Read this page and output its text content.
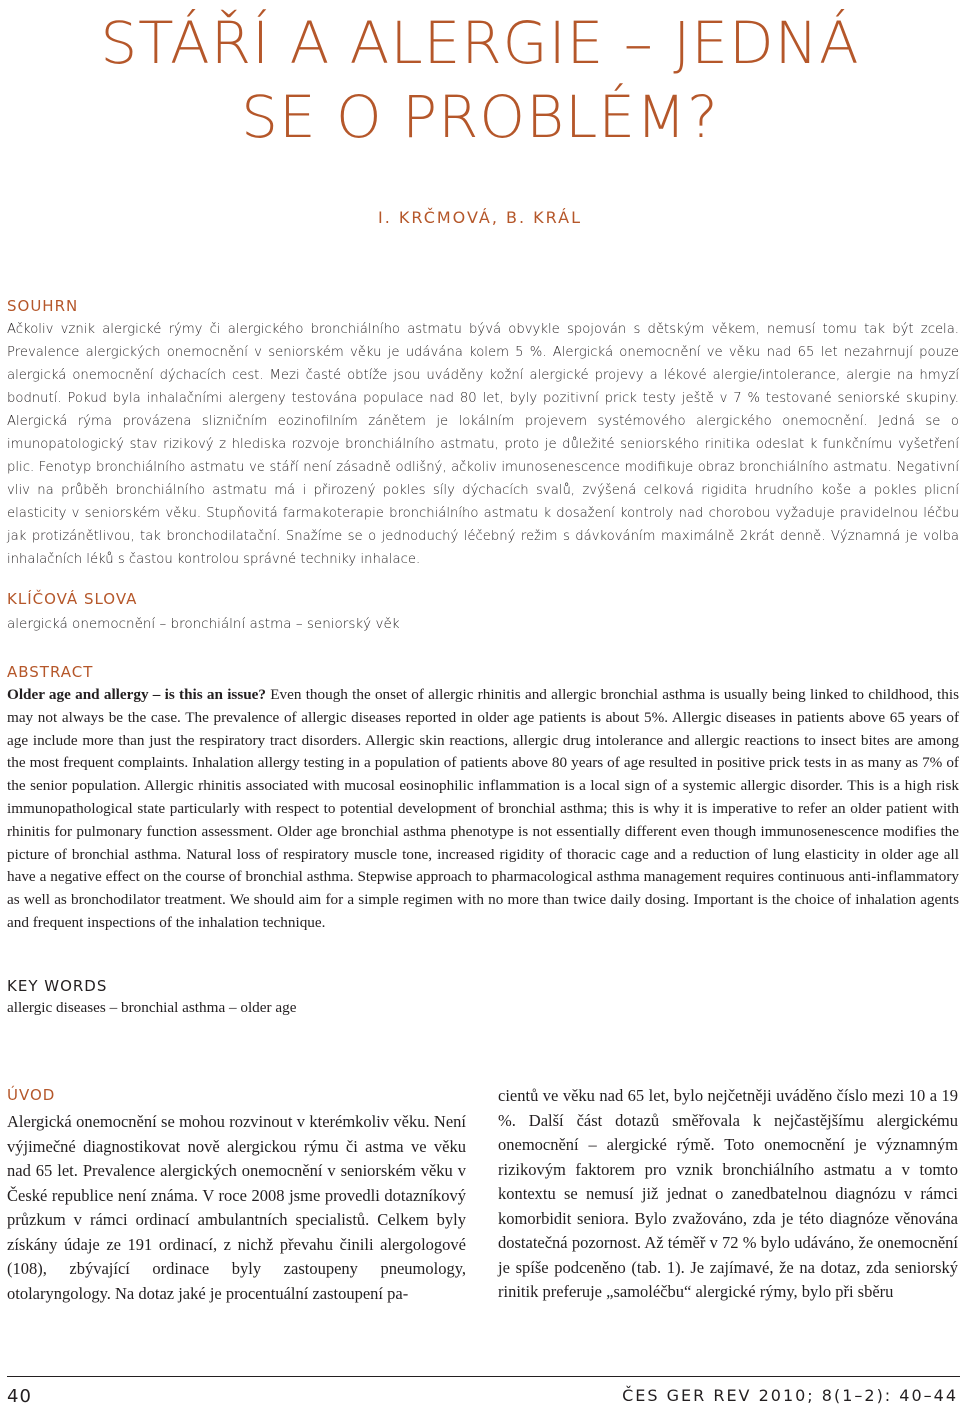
STÁŘÍ A ALERGIE – JEDNÁ
SE O PROBLÉM?
I. KRČMOVÁ, B. KRÁL
SOUHRN

Ačkoliv vznik alergické rýmy či alergického bronchiálního astmatu bývá obvykle spojován s dětským věkem, nemusí tomu tak být zcela. Prevalence alergických onemocnění v seniorském věku je udávána kolem 5 %. Alergická onemocnění ve věku nad 65 let nezahrnují pouze alergická onemocnění dýchacích cest. Mezi časté obtíže jsou uváděny kožní alergické projevy a lékové alergie/intolerance, alergie na hmyzí bodnutí. Pokud byla inhalačními alergeny testována populace nad 80 let, byly pozitivní prick testy ještě v 7 % testované seniorské skupiny. Alergická rýma provázena slizničním eozinofilním zánětem je lokálním projevem systémového alergického onemocnění. Jedná se o imunopatologický stav rizikový z hlediska rozvoje bronchiálního astmatu, proto je důležité seniorského rinitika odeslat k funkčnímu vyšetření plic. Fenotyp bronchiálního astmatu ve stáří není zásadně odlišný, ačkoliv imunosenescence modifikuje obraz bronchiálního astmatu. Negativní vliv na průběh bronchiálního astmatu má i přirozený pokles síly dýchacích svalů, zvýšená celková rigidita hrudního koše a pokles plicní elasticity v seniorském věku. Stupňovitá farmakoterapie bronchiálního astmatu k dosažení kontroly nad chorobou vyžaduje pravidelnou léčbu jak protizánětlivou, tak bronchodilatační. Snažíme se o jednoduchý léčebný režim s dávkováním maximálně 2krát denně. Významná je volba inhalačních léků s častou kontrolou správné techniky inhalace.

KLÍČOVÁ SLOVA
alergická onemocnění – bronchiální astma – seniorský věk
ABSTRACT

Older age and allergy – is this an issue? Even though the onset of allergic rhinitis and allergic bronchial asthma is usually being linked to childhood, this may not always be the case. The prevalence of allergic diseases reported in older age patients is about 5%. Allergic diseases in patients above 65 years of age include more than just the respiratory tract disorders. Allergic skin reactions, allergic drug intolerance and allergic reactions to insect bites are among the most frequent complaints. Inhalation allergy testing in a population of patients above 80 years of age resulted in positive prick tests in as many as 7% of the senior population. Allergic rhinitis associated with mucosal eosinophilic inflammation is a local sign of a systemic allergic disorder. This is a high risk immunopathological state particularly with respect to potential development of bronchial asthma; this is why it is imperative to refer an older patient with rhinitis for pulmonary function assessment. Older age bronchial asthma phenotype is not essentially different even though immunosenescence modifies the picture of bronchial asthma. Natural loss of respiratory muscle tone, increased rigidity of thoracic cage and a reduction of lung elasticity in older age all have a negative effect on the course of bronchial asthma. Stepwise approach to pharmacological asthma management requires continuous anti-inflammatory as well as bronchodilator treatment. We should aim for a simple regimen with no more than twice daily dosing. Important is the choice of inhalation agents and frequent inspections of the inhalation technique.

KEY WORDS
allergic diseases – bronchial asthma – older age
ÚVOD

Alergická onemocnění se mohou rozvinout v kterémkoliv věku. Není výjimečné diagnostikovat nově alergickou rýmu či astma ve věku nad 65 let. Prevalence alergických onemocnění v seniorském věku v České republice není známa. V roce 2008 jsme provedli dotazníkový průzkum v rámci ordinací ambulantních specialistů. Celkem byly získány údaje ze 191 ordinací, z nichž převahu činili alergologové (108), zbývající ordinace byly zastoupeny pneumology, otolaryngology. Na dotaz jaké je procentuální zastoupení pa-

cientů ve věku nad 65 let, bylo nejčetněji uváděno číslo mezi 10 a 19 %. Další část dotazů směřovala k nejčastějšímu alergickému onemocnění – alergické rýmě. Toto onemocnění je významným rizikovým faktorem pro vznik bronchiálního astmatu a v tomto kontextu se nemusí již jednat o zanedbatelnou diagnózu v rámci komorbidit seniora. Bylo zvažováno, zda je této diagnóze věnována dostatečná pozornost. Až téměř v 72 % bylo udáváno, že onemocnění je spíše podceněno (tab. 1). Je zajímavé, že na dotaz, zda seniorský rinitik preferuje „samoléčbu“ alergické rýmy, bylo při sběru

40	ČES GER REV 2010; 8(1–2): 40–44
